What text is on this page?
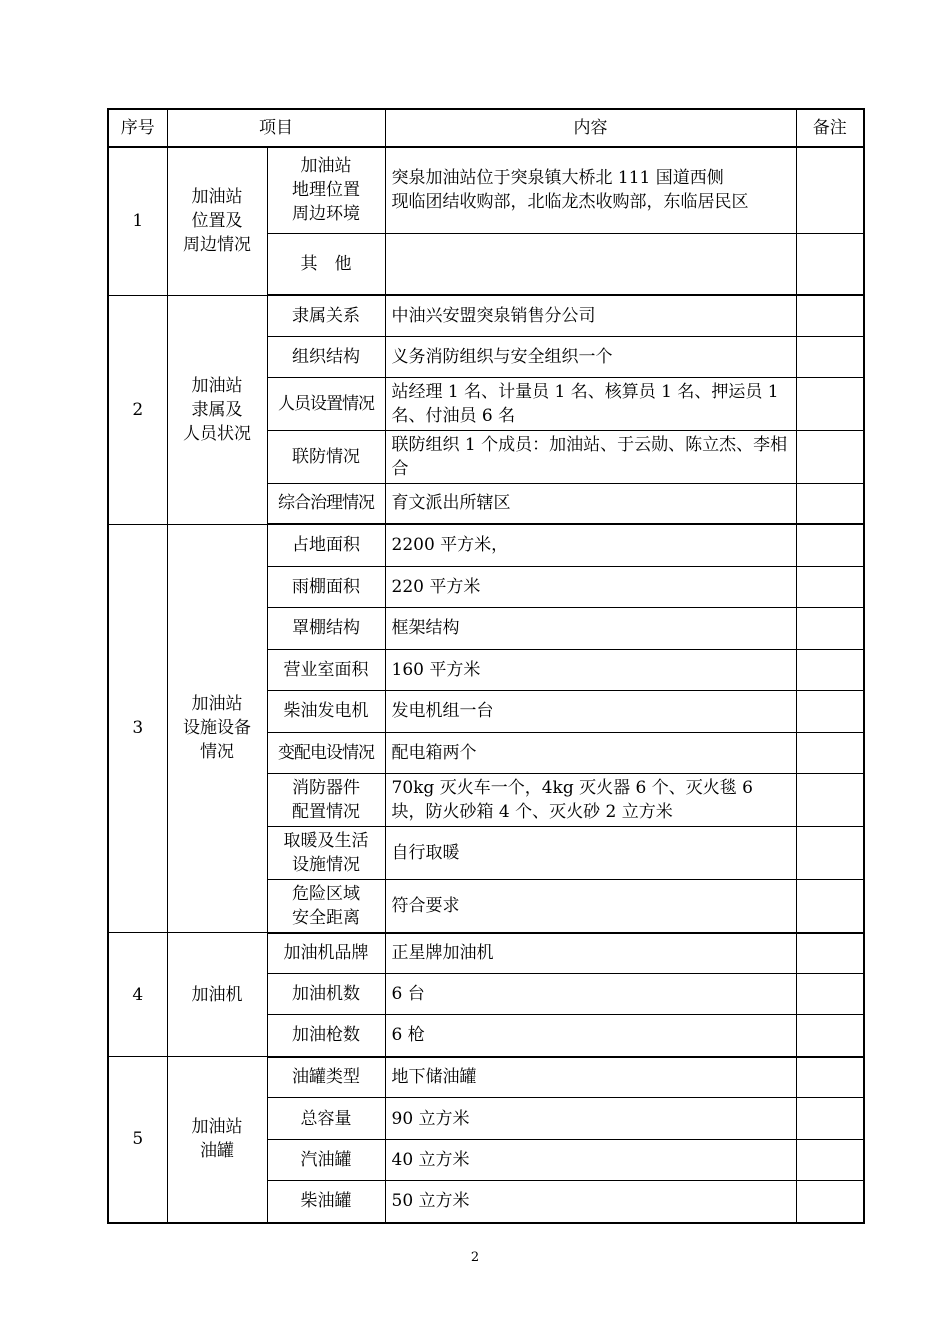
序号	项目		内容	备注
1	加油站
位置及
周边情况	加油站
地理位置
周边环境	突泉加油站位于突泉镇大桥北 111 国道西侧
现临团结收购部，北临龙杰收购部，东临居民区	
		其　他		
2	加油站
隶属及
人员状况	隶属关系	中油兴安盟突泉销售分公司	
		组织结构	义务消防组织与安全组织一个	
		人员设置情况	站经理 1 名、计量员 1 名、核算员 1 名、押运员 1 名、付油员 6 名	
		联防情况	联防组织 1 个成员：加油站、于云勋、陈立杰、李相合	
		综合治理情况	育文派出所辖区	
3	加油站
设施设备
情况	占地面积	2200 平方米，	
		雨棚面积	220 平方米	
		罩棚结构	框架结构	
		营业室面积	160 平方米	
		柴油发电机	发电机组一台	
		变配电设情况	配电箱两个	
		消防器件
配置情况	70kg 灭火车一个，4kg 灭火器 6 个、灭火毯 6 块，防火砂箱 4 个、灭火砂 2 立方米	
		取暖及生活
设施情况	自行取暖	
		危险区域
安全距离	符合要求	
4	加油机	加油机品牌	正星牌加油机	
		加油机数	6 台	
		加油枪数	6 枪	
5	加油站
油罐	油罐类型	地下储油罐	
		总容量	90 立方米	
		汽油罐	40 立方米	
		柴油罐	50 立方米	
2
